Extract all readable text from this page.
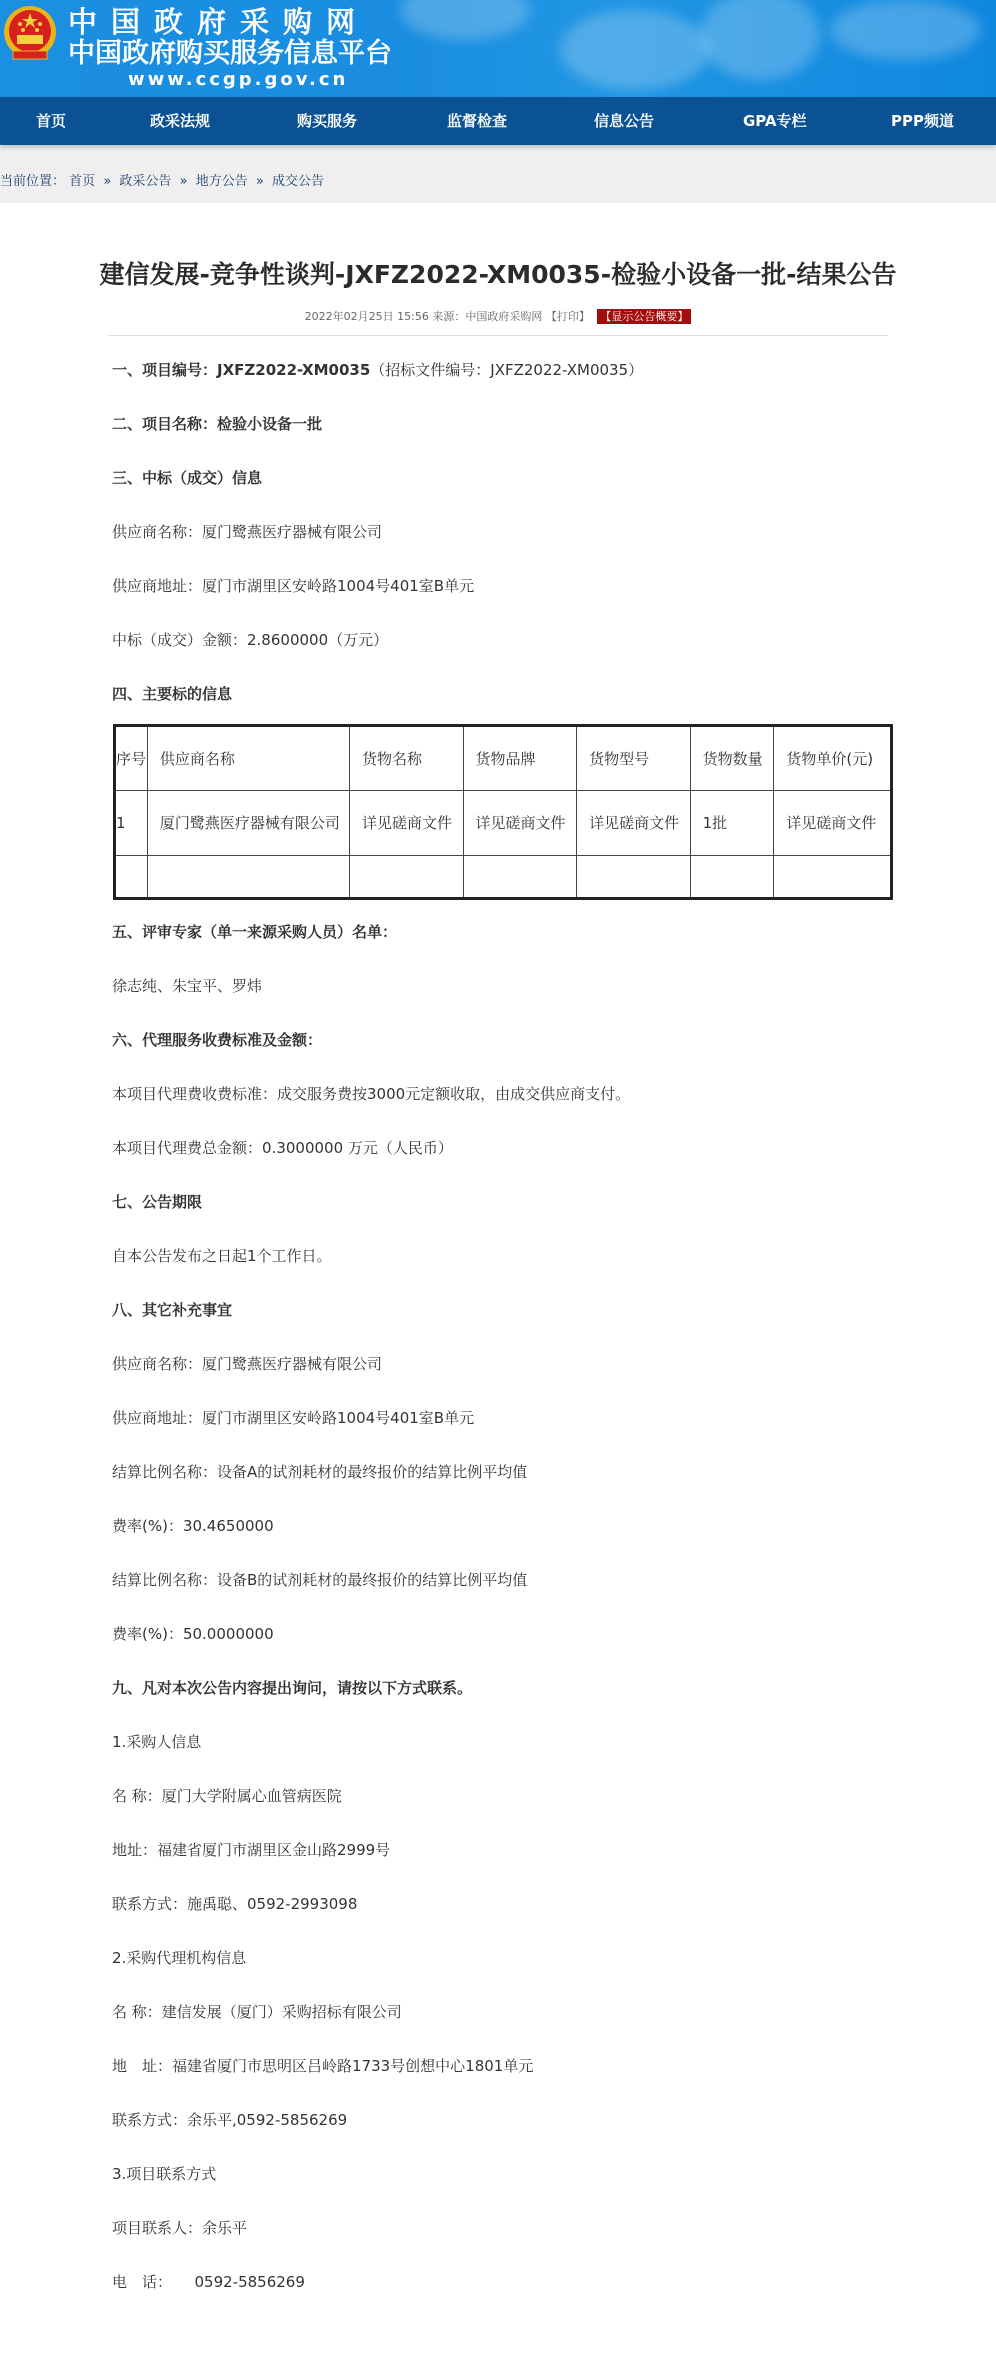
中国政府采购网
中国政府购买服务信息平台
www.ccgp.gov.cn
首页	政采法规	购买服务	监督检查	信息公告	GPA专栏	PPP频道
当前位置： 首页 » 政采公告 » 地方公告 » 成交公告
建信发展-竞争性谈判-JXFZ2022-XM0035-检验小设备一批-结果公告
2022年02月25日 15:56 来源：中国政府采购网 【打印】 【显示公告概要】
一、项目编号：JXFZ2022-XM0035（招标文件编号：JXFZ2022-XM0035）
二、项目名称：检验小设备一批
三、中标（成交）信息
供应商名称：厦门鹭燕医疗器械有限公司
供应商地址：厦门市湖里区安岭路1004号401室B单元
中标（成交）金额：2.8600000（万元）
四、主要标的信息
序号	供应商名称	货物名称	货物品牌	货物型号	货物数量	货物单价(元)

1	厦门鹭燕医疗器械有限公司	详见磋商文件	详见磋商文件	详见磋商文件	1批	详见磋商文件

五、评审专家（单一来源采购人员）名单：
徐志纯、朱宝平、罗炜
六、代理服务收费标准及金额：
本项目代理费收费标准：成交服务费按3000元定额收取，由成交供应商支付。
本项目代理费总金额：0.3000000 万元（人民币）
七、公告期限
自本公告发布之日起1个工作日。
八、其它补充事宜
供应商名称：厦门鹭燕医疗器械有限公司
供应商地址：厦门市湖里区安岭路1004号401室B单元
结算比例名称：设备A的试剂耗材的最终报价的结算比例平均值
费率(%)：30.4650000
结算比例名称：设备B的试剂耗材的最终报价的结算比例平均值
费率(%)：50.0000000
九、凡对本次公告内容提出询问，请按以下方式联系。
1.采购人信息
名 称：厦门大学附属心血管病医院
地址：福建省厦门市湖里区金山路2999号
联系方式：施禹聪、0592-2993098
2.采购代理机构信息
名 称：建信发展（厦门）采购招标有限公司
地　址：福建省厦门市思明区吕岭路1733号创想中心1801单元
联系方式：余乐平,0592-5856269
3.项目联系方式
项目联系人：余乐平
电　话：　　0592-5856269
